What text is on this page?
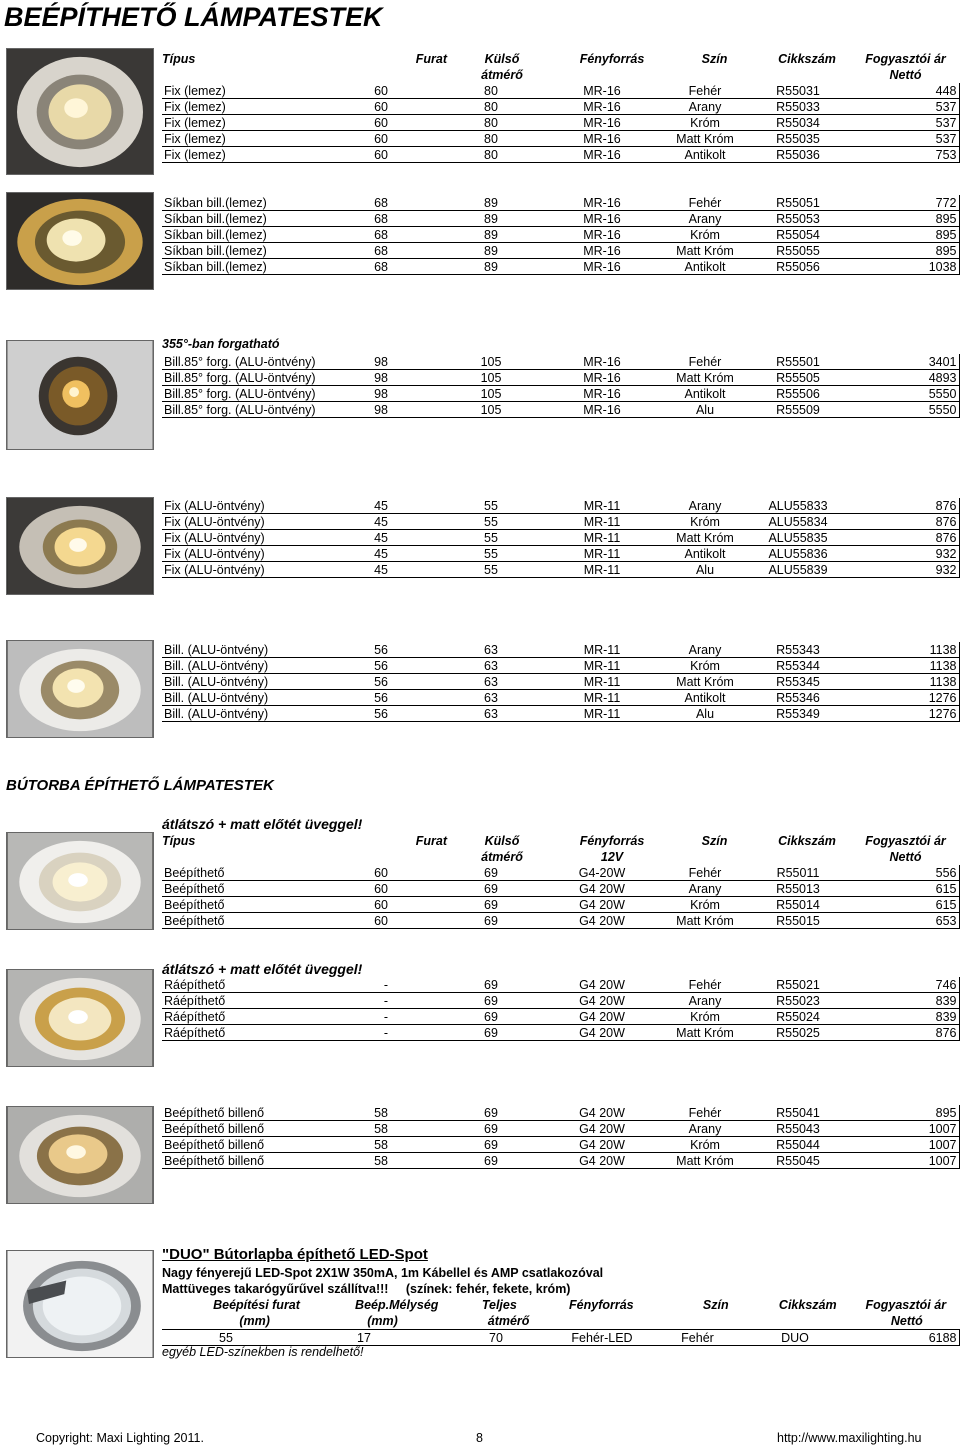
BEÉPÍTHETŐ LÁMPATESTEK
Típus	Furat	Külső	Fényforrás	Szín	Cikkszám	Fogyasztói ár
átmérő	Nettó
Fix (lemez)	60	80	MR-16	Fehér	R55031	448
Fix (lemez)	60	80	MR-16	Arany	R55033	537
Fix (lemez)	60	80	MR-16	Króm	R55034	537
Fix (lemez)	60	80	MR-16	Matt Króm	R55035	537
Fix (lemez)	60	80	MR-16	Antikolt	R55036	753
Síkban bill.(lemez)	68	89	MR-16	Fehér	R55051	772
Síkban bill.(lemez)	68	89	MR-16	Arany	R55053	895
Síkban bill.(lemez)	68	89	MR-16	Króm	R55054	895
Síkban bill.(lemez)	68	89	MR-16	Matt Króm	R55055	895
Síkban bill.(lemez)	68	89	MR-16	Antikolt	R55056	1038
355°-ban forgatható
Bill.85° forg. (ALU-öntvény)	98	105	MR-16	Fehér	R55501	3401
Bill.85° forg. (ALU-öntvény)	98	105	MR-16	Matt Króm	R55505	4893
Bill.85° forg. (ALU-öntvény)	98	105	MR-16	Antikolt	R55506	5550
Bill.85° forg. (ALU-öntvény)	98	105	MR-16	Alu	R55509	5550
Fix (ALU-öntvény)	45	55	MR-11	Arany	ALU55833	876
Fix (ALU-öntvény)	45	55	MR-11	Króm	ALU55834	876
Fix (ALU-öntvény)	45	55	MR-11	Matt Króm	ALU55835	876
Fix (ALU-öntvény)	45	55	MR-11	Antikolt	ALU55836	932
Fix (ALU-öntvény)	45	55	MR-11	Alu	ALU55839	932
Bill. (ALU-öntvény)	56	63	MR-11	Arany	R55343	1138
Bill. (ALU-öntvény)	56	63	MR-11	Króm	R55344	1138
Bill. (ALU-öntvény)	56	63	MR-11	Matt Króm	R55345	1138
Bill. (ALU-öntvény)	56	63	MR-11	Antikolt	R55346	1276
Bill. (ALU-öntvény)	56	63	MR-11	Alu	R55349	1276
BÚTORBA ÉPÍTHETŐ LÁMPATESTEK
átlátszó + matt előtét üveggel!
Típus	Furat	Külső	Fényforrás	Szín	Cikkszám	Fogyasztói ár
átmérő	12V	Nettó
Beépíthető	60	69	G4-20W	Fehér	R55011	556
Beépíthető	60	69	G4 20W	Arany	R55013	615
Beépíthető	60	69	G4 20W	Króm	R55014	615
Beépíthető	60	69	G4 20W	Matt Króm	R55015	653
átlátszó + matt előtét üveggel!
Ráépíthető	-	69	G4 20W	Fehér	R55021	746
Ráépíthető	-	69	G4 20W	Arany	R55023	839
Ráépíthető	-	69	G4 20W	Króm	R55024	839
Ráépíthető	-	69	G4 20W	Matt Króm	R55025	876
Beépíthető billenő	58	69	G4 20W	Fehér	R55041	895
Beépíthető billenő	58	69	G4 20W	Arany	R55043	1007
Beépíthető billenő	58	69	G4 20W	Króm	R55044	1007
Beépíthető billenő	58	69	G4 20W	Matt Króm	R55045	1007
"DUO" Bútorlapba építhető LED-Spot
Nagy fényerejű LED-Spot 2X1W 350mA, 1m Kábellel és AMP csatlakozóval
Mattüveges takarógyűrűvel szállítva!!!     (színek: fehér, fekete, króm)
Beépítési furat	Beép.Mélység	Teljes	Fényforrás	Szín	Cikkszám	Fogyasztói ár
(mm)	(mm)	átmérő	Nettó
55	17	70	Fehér-LED	Fehér	DUO	6188
egyéb LED-színekben is rendelhető!
Copyright: Maxi Lighting 2011.	8	http://www.maxilighting.hu
